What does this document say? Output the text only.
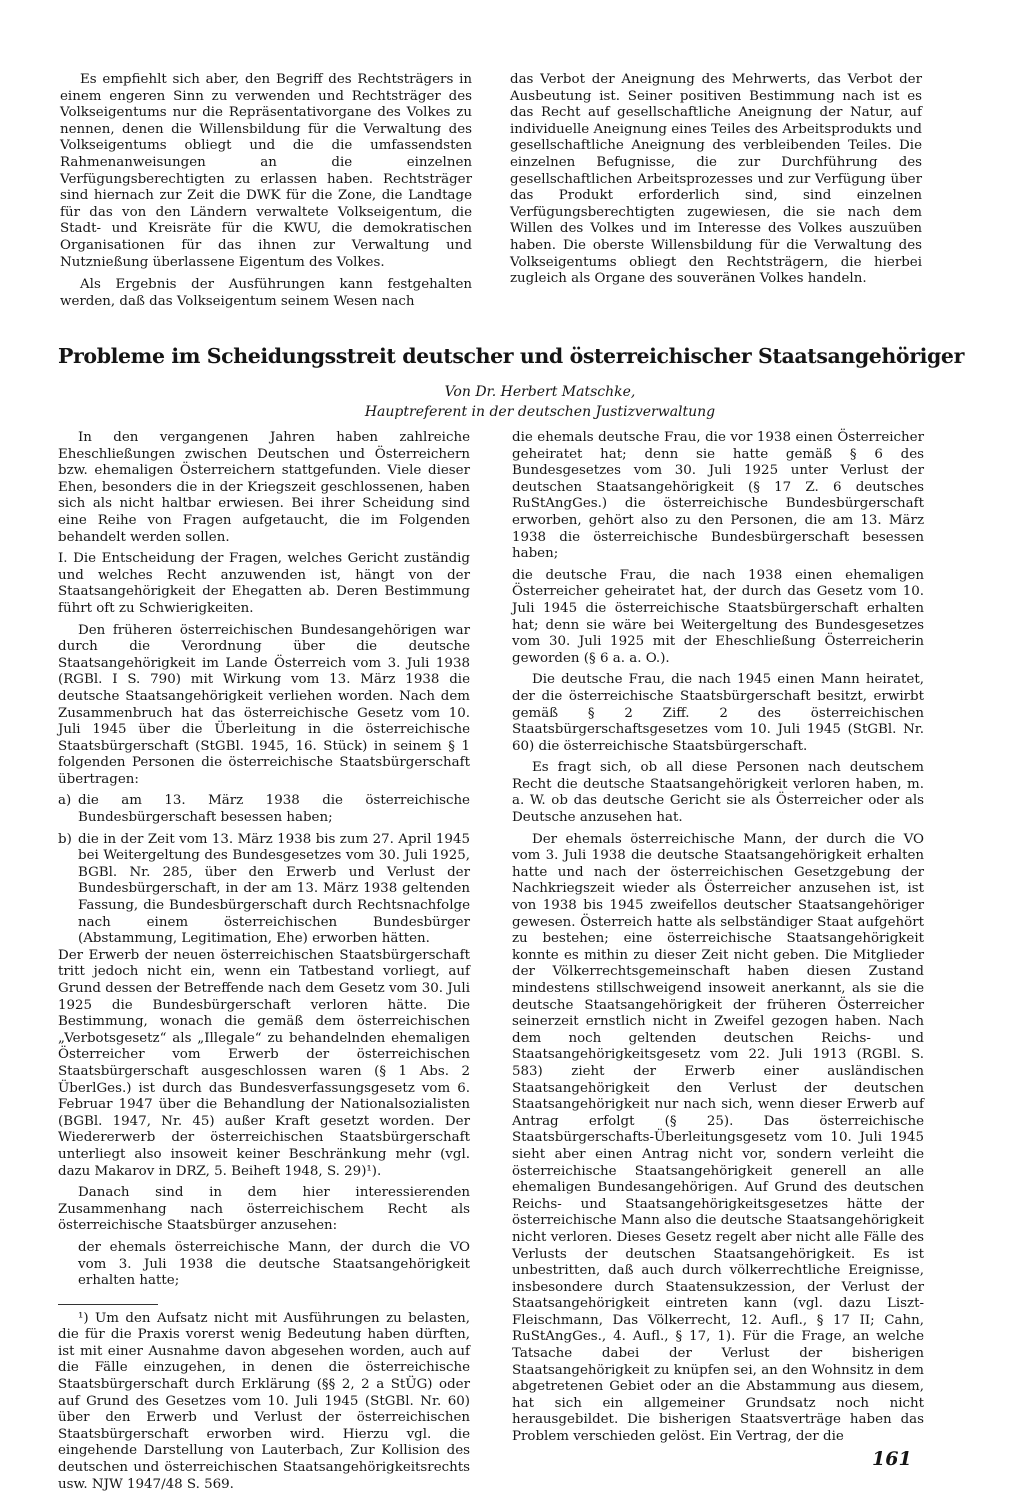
Es empfiehlt sich aber, den Begriff des Rechtsträgers in einem engeren Sinn zu verwenden und Rechtsträger des Volkseigentums nur die Repräsentativorgane des Volkes zu nennen, denen die Willensbildung für die Verwaltung des Volkseigentums obliegt und die die umfassendsten Rahmenanweisungen an die einzelnen Verfügungsberechtigten zu erlassen haben. Rechtsträger sind hiernach zur Zeit die DWK für die Zone, die Landtage für das von den Ländern verwaltete Volkseigentum, die Stadt- und Kreisräte für die KWU, die demokratischen Organisationen für das ihnen zur Verwaltung und Nutznießung überlassene Eigentum des Volkes.

Als Ergebnis der Ausführungen kann festgehalten werden, daß das Volkseigentum seinem Wesen nach

das Verbot der Aneignung des Mehrwerts, das Verbot der Ausbeutung ist. Seiner positiven Bestimmung nach ist es das Recht auf gesellschaftliche Aneignung der Natur, auf individuelle Aneignung eines Teiles des Arbeitsprodukts und gesellschaftliche Aneignung des verbleibenden Teiles. Die einzelnen Befugnisse, die zur Durchführung des gesellschaftlichen Arbeitsprozesses und zur Verfügung über das Produkt erforderlich sind, sind einzelnen Verfügungsberechtigten zugewiesen, die sie nach dem Willen des Volkes und im Interesse des Volkes auszuüben haben. Die oberste Willensbildung für die Verwaltung des Volkseigentums obliegt den Rechtsträgern, die hierbei zugleich als Organe des souveränen Volkes handeln.

Probleme im Scheidungsstreit deutscher und österreichischer Staatsangehöriger
Von Dr. Herbert Matschke,
Hauptreferent in der deutschen Justizverwaltung

In den vergangenen Jahren haben zahlreiche Eheschließungen zwischen Deutschen und Österreichern bzw. ehemaligen Österreichern stattgefunden. Viele dieser Ehen, besonders die in der Kriegszeit geschlossenen, haben sich als nicht haltbar erwiesen. Bei ihrer Scheidung sind eine Reihe von Fragen aufgetaucht, die im Folgenden behandelt werden sollen.

I. Die Entscheidung der Fragen, welches Gericht zuständig und welches Recht anzuwenden ist, hängt von der Staatsangehörigkeit der Ehegatten ab. Deren Bestimmung führt oft zu Schwierigkeiten.

Den früheren österreichischen Bundesangehörigen war durch die Verordnung über die deutsche Staatsangehörigkeit im Lande Österreich vom 3. Juli 1938 (RGBl. I S. 790) mit Wirkung vom 13. März 1938 die deutsche Staatsangehörigkeit verliehen worden. Nach dem Zusammenbruch hat das österreichische Gesetz vom 10. Juli 1945 über die Überleitung in die österreichische Staatsbürgerschaft (StGBl. 1945, 16. Stück) in seinem § 1 folgenden Personen die österreichische Staatsbürgerschaft übertragen:

a) die am 13. März 1938 die österreichische Bundesbürgerschaft besessen haben;
b) die in der Zeit vom 13. März 1938 bis zum 27. April 1945 bei Weitergeltung des Bundesgesetzes vom 30. Juli 1925, BGBl. Nr. 285, über den Erwerb und Verlust der Bundesbürgerschaft, in der am 13. März 1938 geltenden Fassung, die Bundesbürgerschaft durch Rechtsnachfolge nach einem österreichischen Bundesbürger (Abstammung, Legitimation, Ehe) erworben hätten.

Der Erwerb der neuen österreichischen Staatsbürgerschaft tritt jedoch nicht ein, wenn ein Tatbestand vorliegt, auf Grund dessen der Betreffende nach dem Gesetz vom 30. Juli 1925 die Bundesbürgerschaft verloren hätte. Die Bestimmung, wonach die gemäß dem österreichischen „Verbotsgesetz“ als „Illegale“ zu behandelnden ehemaligen Österreicher vom Erwerb der österreichischen Staatsbürgerschaft ausgeschlossen waren (§ 1 Abs. 2 ÜberlGes.) ist durch das Bundesverfassungsgesetz vom 6. Februar 1947 über die Behandlung der Nationalsozialisten (BGBl. 1947, Nr. 45) außer Kraft gesetzt worden. Der Wiedererwerb der österreichischen Staatsbürgerschaft unterliegt also insoweit keiner Beschränkung mehr (vgl. dazu Makarov in DRZ, 5. Beiheft 1948, S. 29)¹).

Danach sind in dem hier interessierenden Zusammenhang nach österreichischem Recht als österreichische Staatsbürger anzusehen:

der ehemals österreichische Mann, der durch die VO vom 3. Juli 1938 die deutsche Staatsangehörigkeit erhalten hatte;

¹) Um den Aufsatz nicht mit Ausführungen zu belasten, die für die Praxis vorerst wenig Bedeutung haben dürften, ist mit einer Ausnahme davon abgesehen worden, auch auf die Fälle einzugehen, in denen die österreichische Staatsbürgerschaft durch Erklärung (§§ 2, 2 a StÜG) oder auf Grund des Gesetzes vom 10. Juli 1945 (StGBl. Nr. 60) über den Erwerb und Verlust der österreichischen Staatsbürgerschaft erworben wird. Hierzu vgl. die eingehende Darstellung von Lauterbach, Zur Kollision des deutschen und österreichischen Staatsangehörigkeitsrechts usw. NJW 1947/48 S. 569.

die ehemals deutsche Frau, die vor 1938 einen Österreicher geheiratet hat; denn sie hatte gemäß § 6 des Bundesgesetzes vom 30. Juli 1925 unter Verlust der deutschen Staatsangehörigkeit (§ 17 Z. 6 deutsches RuStAngGes.) die österreichische Bundesbürgerschaft erworben, gehört also zu den Personen, die am 13. März 1938 die österreichische Bundesbürgerschaft besessen haben;

die deutsche Frau, die nach 1938 einen ehemaligen Österreicher geheiratet hat, der durch das Gesetz vom 10. Juli 1945 die österreichische Staatsbürgerschaft erhalten hat; denn sie wäre bei Weitergeltung des Bundesgesetzes vom 30. Juli 1925 mit der Eheschließung Österreicherin geworden (§ 6 a. a. O.).

Die deutsche Frau, die nach 1945 einen Mann heiratet, der die österreichische Staatsbürgerschaft besitzt, erwirbt gemäß § 2 Ziff. 2 des österreichischen Staatsbürgerschaftsgesetzes vom 10. Juli 1945 (StGBl. Nr. 60) die österreichische Staatsbürgerschaft.

Es fragt sich, ob all diese Personen nach deutschem Recht die deutsche Staatsangehörigkeit verloren haben, m. a. W. ob das deutsche Gericht sie als Österreicher oder als Deutsche anzusehen hat.

Der ehemals österreichische Mann, der durch die VO vom 3. Juli 1938 die deutsche Staatsangehörigkeit erhalten hatte und nach der österreichischen Gesetzgebung der Nachkriegszeit wieder als Österreicher anzusehen ist, ist von 1938 bis 1945 zweifellos deutscher Staatsangehöriger gewesen. Österreich hatte als selbständiger Staat aufgehört zu bestehen; eine österreichische Staatsangehörigkeit konnte es mithin zu dieser Zeit nicht geben. Die Mitglieder der Völkerrechtsgemeinschaft haben diesen Zustand mindestens stillschweigend insoweit anerkannt, als sie die deutsche Staatsangehörigkeit der früheren Österreicher seinerzeit ernstlich nicht in Zweifel gezogen haben. Nach dem noch geltenden deutschen Reichs- und Staatsangehörigkeitsgesetz vom 22. Juli 1913 (RGBl. S. 583) zieht der Erwerb einer ausländischen Staatsangehörigkeit den Verlust der deutschen Staatsangehörigkeit nur nach sich, wenn dieser Erwerb auf Antrag erfolgt (§ 25). Das österreichische Staatsbürgerschafts-Überleitungsgesetz vom 10. Juli 1945 sieht aber einen Antrag nicht vor, sondern verleiht die österreichische Staatsangehörigkeit generell an alle ehemaligen Bundesangehörigen. Auf Grund des deutschen Reichs- und Staatsangehörigkeitsgesetzes hätte der österreichische Mann also die deutsche Staatsangehörigkeit nicht verloren. Dieses Gesetz regelt aber nicht alle Fälle des Verlusts der deutschen Staatsangehörigkeit. Es ist unbestritten, daß auch durch völkerrechtliche Ereignisse, insbesondere durch Staatensukzession, der Verlust der Staatsangehörigkeit eintreten kann (vgl. dazu Liszt-Fleischmann, Das Völkerrecht, 12. Aufl., § 17 II; Cahn, RuStAngGes., 4. Aufl., § 17, 1). Für die Frage, an welche Tatsache dabei der Verlust der bisherigen Staatsangehörigkeit zu knüpfen sei, an den Wohnsitz in dem abgetretenen Gebiet oder an die Abstammung aus diesem, hat sich ein allgemeiner Grundsatz noch nicht herausgebildet. Die bisherigen Staatsverträge haben das Problem verschieden gelöst. Ein Vertrag, der die

161
